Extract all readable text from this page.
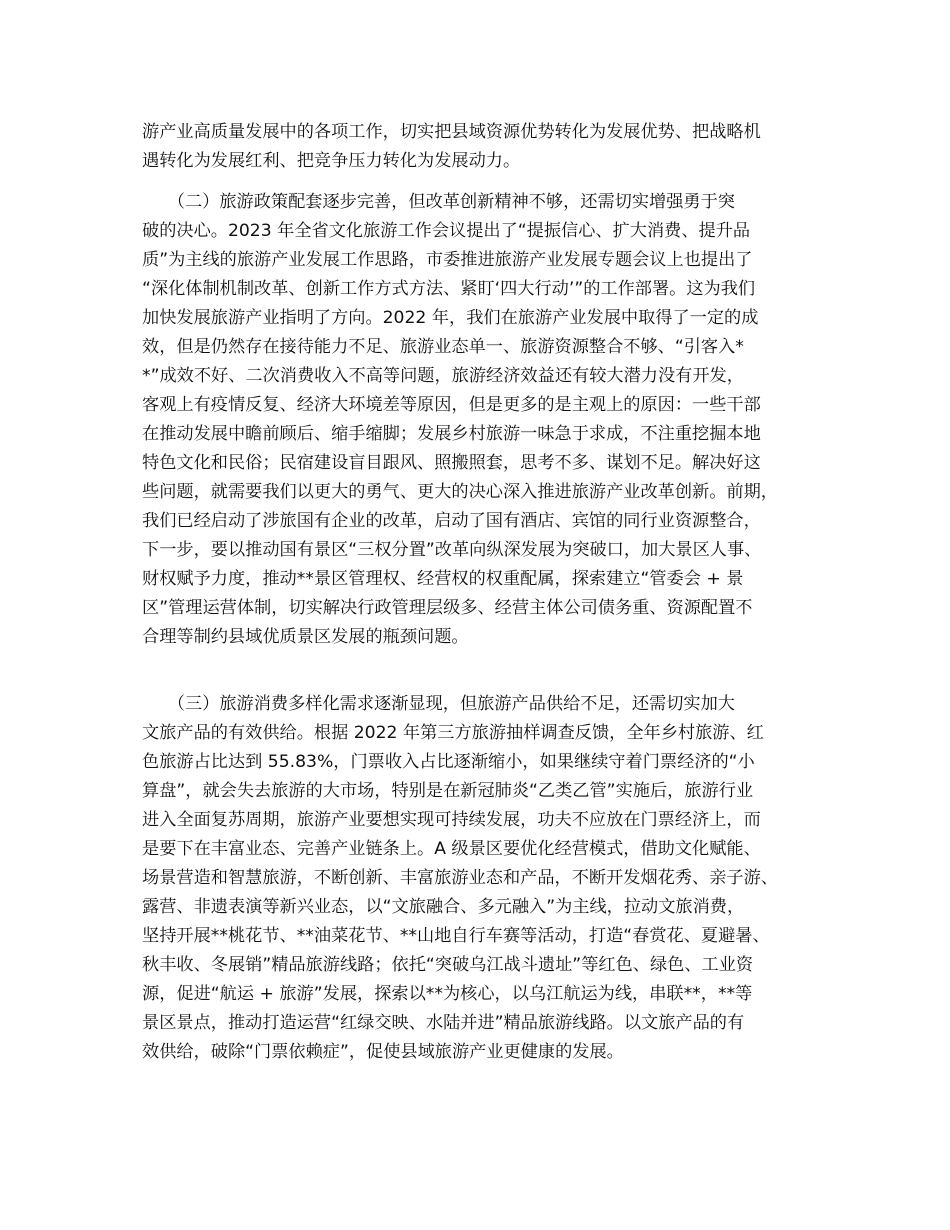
游产业高质量发展中的各项工作，切实把县域资源优势转化为发展优势、把战略机
遇转化为发展红利、把竞争压力转化为发展动力。
　　（二）旅游政策配套逐步完善，但改革创新精神不够，还需切实增强勇于突
破的决心。2023 年全省文化旅游工作会议提出了“提振信心、扩大消费、提升品
质”为主线的旅游产业发展工作思路，市委推进旅游产业发展专题会议上也提出了
“深化体制机制改革、创新工作方式方法、紧盯‘四大行动’”的工作部署。这为我们
加快发展旅游产业指明了方向。2022 年，我们在旅游产业发展中取得了一定的成
效，但是仍然存在接待能力不足、旅游业态单一、旅游资源整合不够、“引客入*
*”成效不好、二次消费收入不高等问题，旅游经济效益还有较大潜力没有开发，
客观上有疫情反复、经济大环境差等原因，但是更多的是主观上的原因：一些干部
在推动发展中瞻前顾后、缩手缩脚；发展乡村旅游一味急于求成，不注重挖掘本地
特色文化和民俗；民宿建设盲目跟风、照搬照套，思考不多、谋划不足。解决好这
些问题，就需要我们以更大的勇气、更大的决心深入推进旅游产业改革创新。前期，
我们已经启动了涉旅国有企业的改革，启动了国有酒店、宾馆的同行业资源整合，
下一步，要以推动国有景区“三权分置”改革向纵深发展为突破口，加大景区人事、
财权赋予力度，推动**景区管理权、经营权的权重配属，探索建立“管委会 + 景
区”管理运营体制，切实解决行政管理层级多、经营主体公司债务重、资源配置不
合理等制约县域优质景区发展的瓶颈问题。
　　（三）旅游消费多样化需求逐渐显现，但旅游产品供给不足，还需切实加大
文旅产品的有效供给。根据 2022 年第三方旅游抽样调查反馈，全年乡村旅游、红
色旅游占比达到 55.83%，门票收入占比逐渐缩小，如果继续守着门票经济的“小
算盘”，就会失去旅游的大市场，特别是在新冠肺炎“乙类乙管”实施后，旅游行业
进入全面复苏周期，旅游产业要想实现可持续发展，功夫不应放在门票经济上，而
是要下在丰富业态、完善产业链条上。A 级景区要优化经营模式，借助文化赋能、
场景营造和智慧旅游，不断创新、丰富旅游业态和产品，不断开发烟花秀、亲子游、
露营、非遗表演等新兴业态，以“文旅融合、多元融入”为主线，拉动文旅消费，
坚持开展**桃花节、**油菜花节、**山地自行车赛等活动，打造“春赏花、夏避暑、
秋丰收、冬展销”精品旅游线路；依托“突破乌江战斗遗址”等红色、绿色、工业资
源，促进“航运 + 旅游”发展，探索以**为核心，以乌江航运为线，串联**，**等
景区景点，推动打造运营“红绿交映、水陆并进”精品旅游线路。以文旅产品的有
效供给，破除“门票依赖症”，促使县域旅游产业更健康的发展。
